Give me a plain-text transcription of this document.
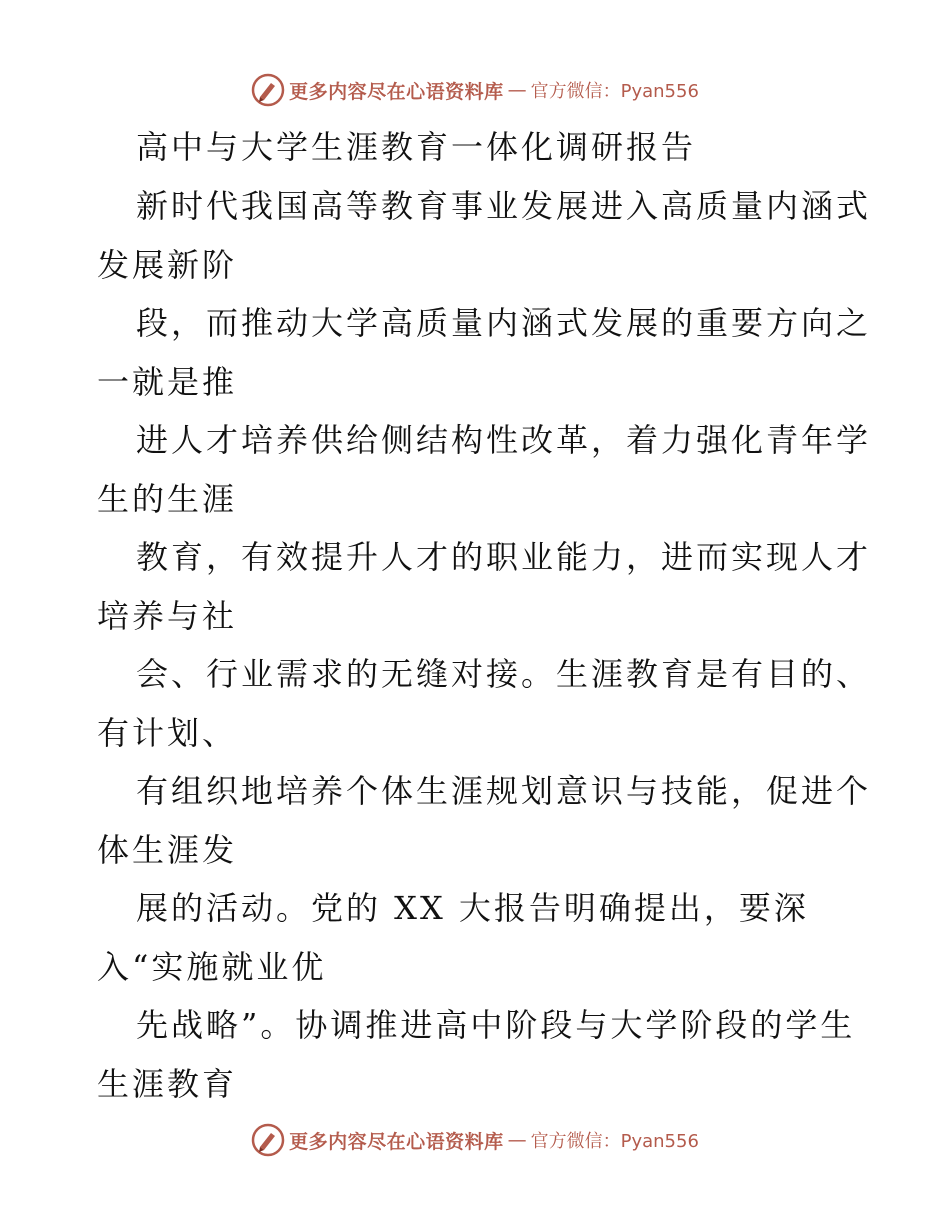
更多内容尽在心语资料库 — 官方微信：Pyan556
高中与大学生涯教育一体化调研报告
新时代我国高等教育事业发展进入高质量内涵式
发展新阶
段，而推动大学高质量内涵式发展的重要方向之
一就是推
进人才培养供给侧结构性改革，着力强化青年学
生的生涯
教育，有效提升人才的职业能力，进而实现人才
培养与社
会、行业需求的无缝对接。生涯教育是有目的、
有计划、
有组织地培养个体生涯规划意识与技能，促进个
体生涯发
展的活动。党的 XX 大报告明确提出，要深
入“实施就业优
先战略”。协调推进高中阶段与大学阶段的学生
生涯教育
更多内容尽在心语资料库 — 官方微信：Pyan556
